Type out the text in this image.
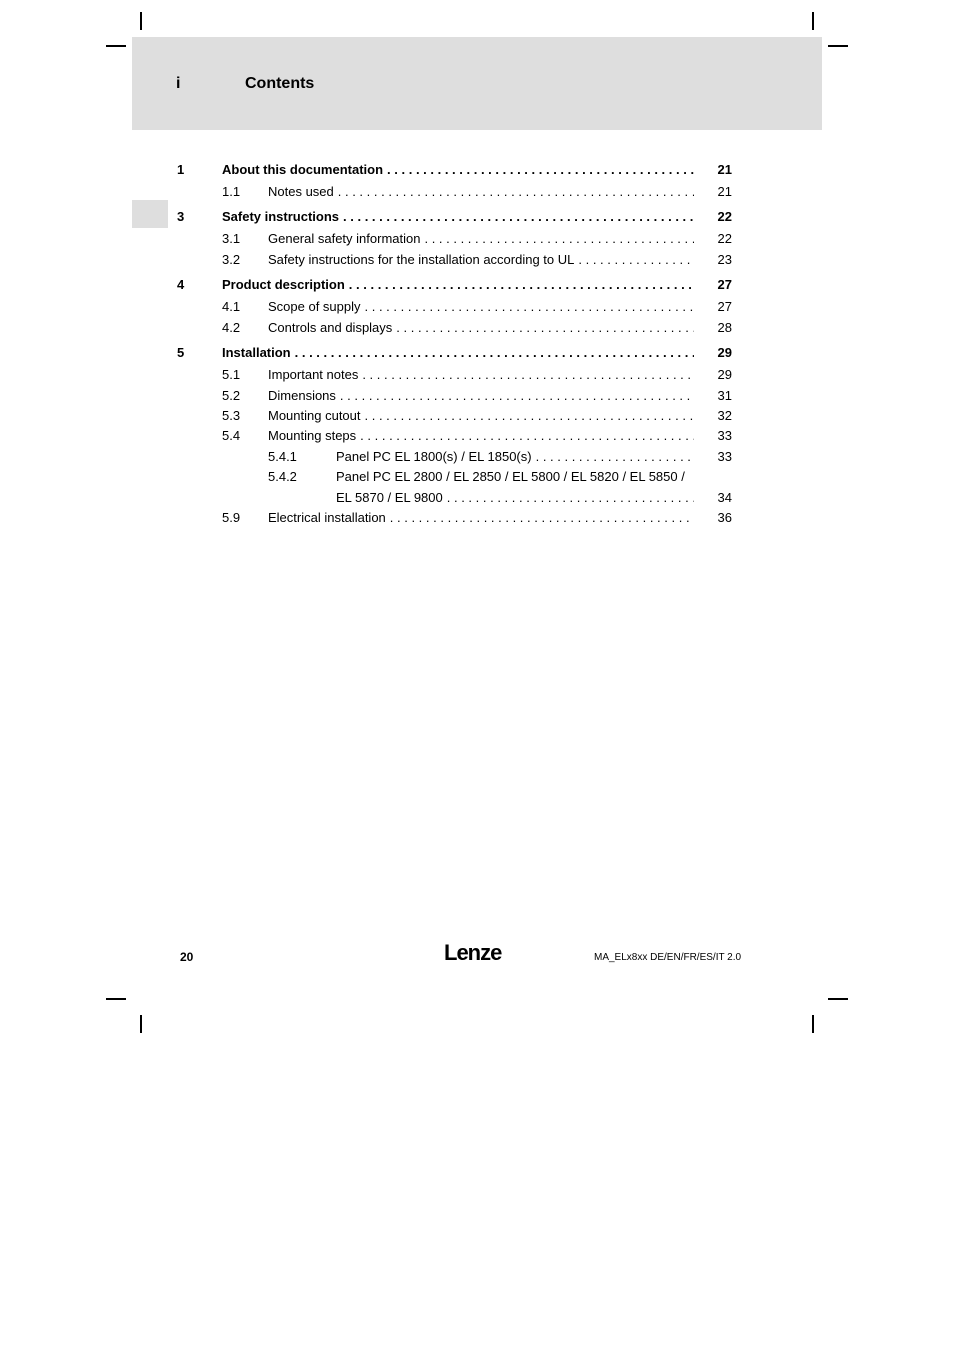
i	Contents
1	About this documentation . . .	21
1.1 Notes used . . .	21
3	Safety instructions . . .	22
3.1 General safety information . . .	22
3.2 Safety instructions for the installation according to UL . . .	23
4	Product description . . .	27
4.1 Scope of supply . . .	27
4.2 Controls and displays . . .	28
5	Installation . . .	29
5.1 Important notes . . .	29
5.2 Dimensions . . .	31
5.3 Mounting cutout . . .	32
5.4 Mounting steps . . .	33
5.4.1	Panel PC EL 1800(s) / EL 1850(s) . . .	33
5.4.2	Panel PC EL 2800 / EL 2850 / EL 5800 / EL 5820 / EL 5850 /
EL 5870 / EL 9800 . . .	34
5.9 Electrical installation . . .	36
20	Lenze	MA_ELx8xx DE/EN/FR/ES/IT 2.0
